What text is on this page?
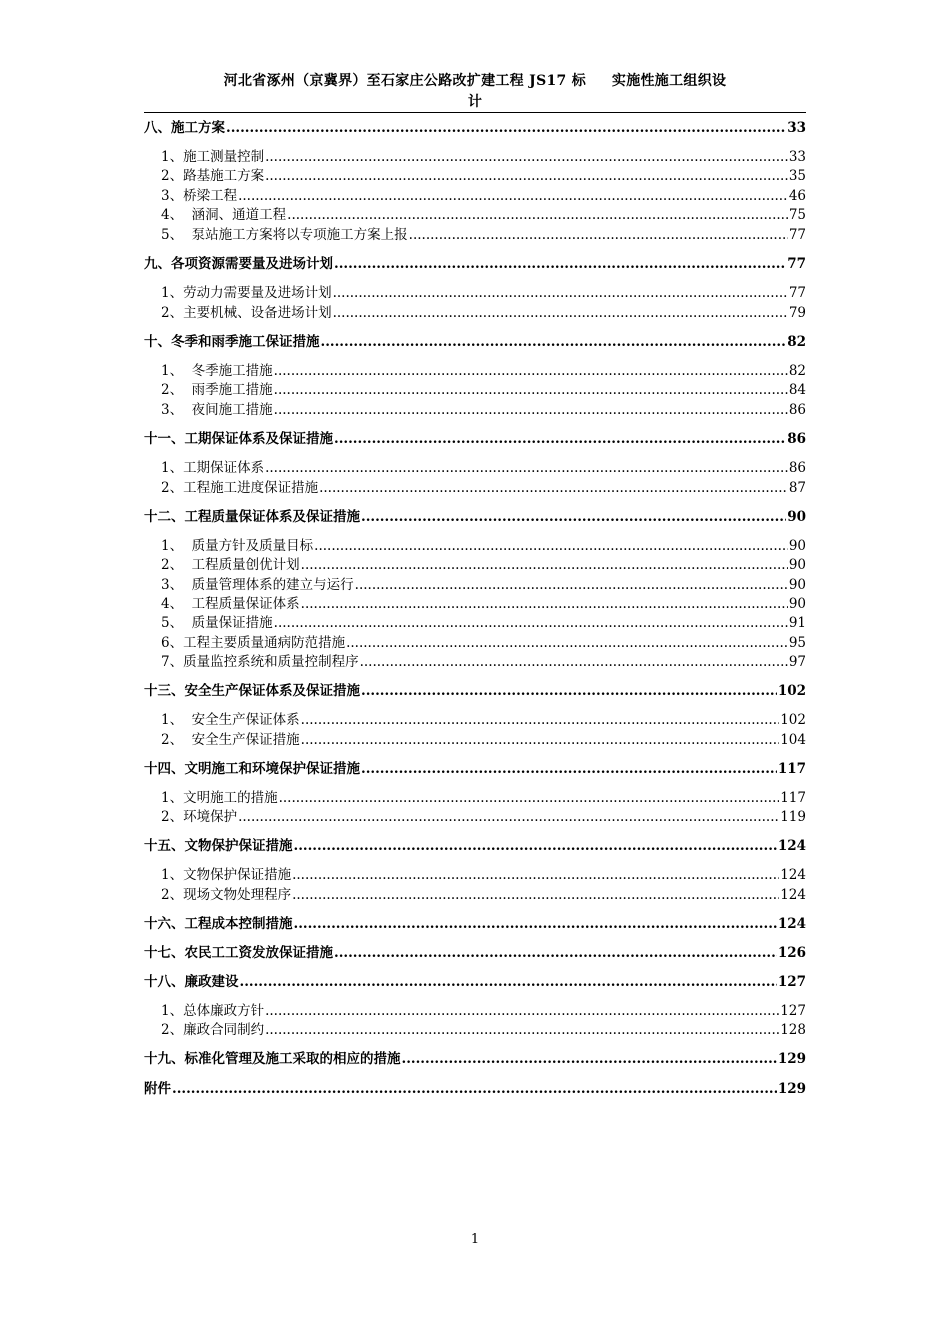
河北省涿州（京冀界）至石家庄公路改扩建工程 JS17 标     实施性施工组织设
计
八、施工方案 .....	33
1、施工测量控制 .....	33
2、路基施工方案 .....	35
3、桥梁工程 .....	46
4、  涵洞、通道工程 .....	75
5、  泵站施工方案将以专项施工方案上报 .....	77
九、各项资源需要量及进场计划 .....	77
1、劳动力需要量及进场计划 .....	77
2、主要机械、设备进场计划 .....	79
十、冬季和雨季施工保证措施 .....	82
1、  冬季施工措施 .....	82
2、  雨季施工措施 .....	84
3、  夜间施工措施 .....	86
十一、工期保证体系及保证措施 .....	86
1、工期保证体系 .....	86
2、工程施工进度保证措施 .....	87
十二、工程质量保证体系及保证措施 .....	90
1、  质量方针及质量目标 .....	90
2、  工程质量创优计划 .....	90
3、  质量管理体系的建立与运行 .....	90
4、  工程质量保证体系 .....	90
5、  质量保证措施 .....	91
6、工程主要质量通病防范措施 .....	95
7、质量监控系统和质量控制程序 .....	97
十三、安全生产保证体系及保证措施 .....	102
1、  安全生产保证体系 .....	102
2、  安全生产保证措施 .....	104
十四、文明施工和环境保护保证措施 .....	117
1、文明施工的措施 .....	117
2、环境保护 .....	119
十五、文物保护保证措施 .....	124
1、文物保护保证措施 .....	124
2、现场文物处理程序 .....	124
十六、工程成本控制措施 .....	124
十七、农民工工资发放保证措施 .....	126
十八、廉政建设 .....	127
1、总体廉政方针 .....	127
2、廉政合同制约 .....	128
十九、标准化管理及施工采取的相应的措施 .....	129
附件 .....	129
1
